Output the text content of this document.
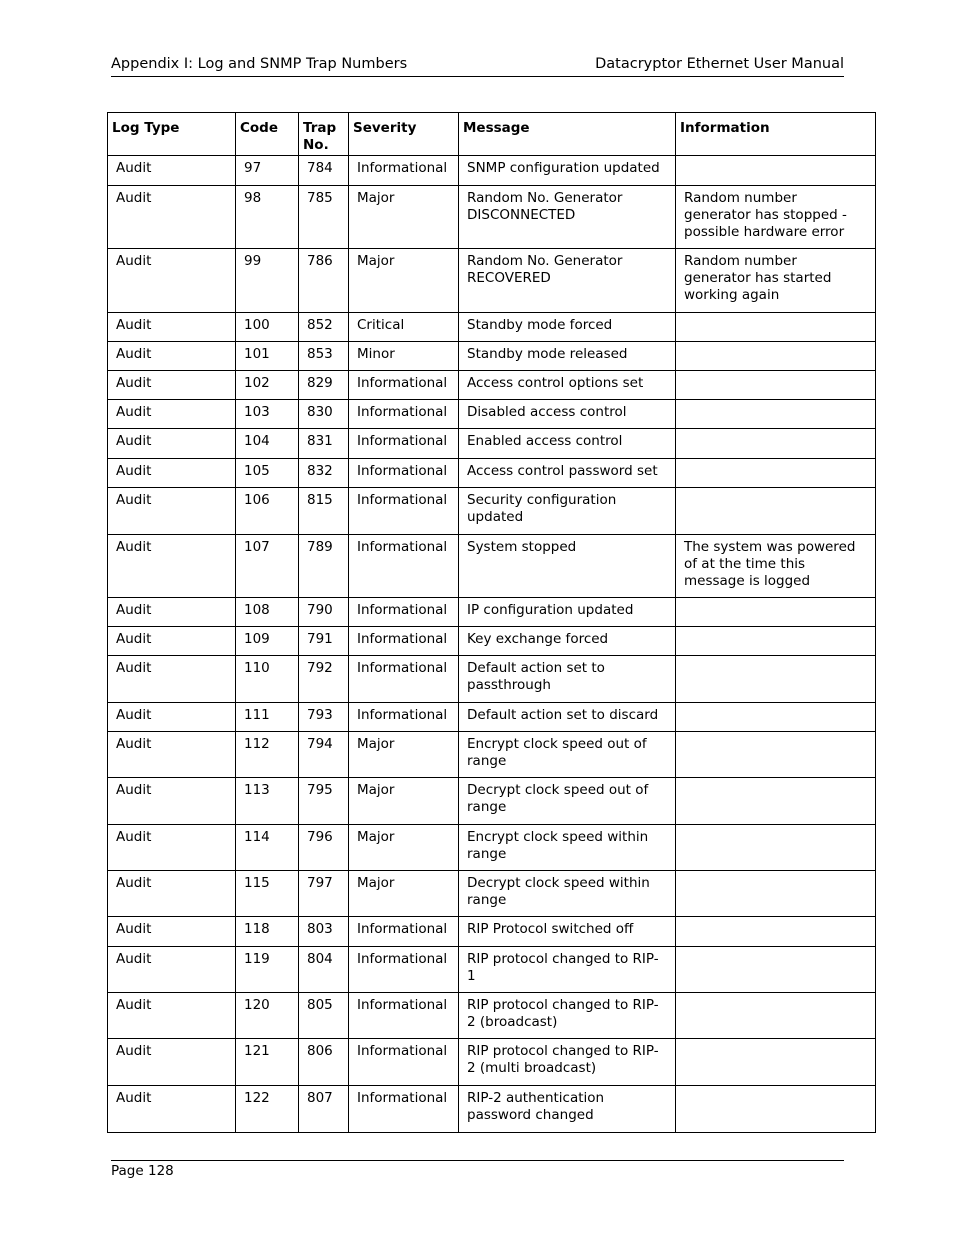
Appendix I: Log and SNMP Trap Numbers	Datacryptor Ethernet User Manual
Log Type	Code	Trap No.	Severity	Message	Information
Audit	97	784	Informational	SNMP configuration updated	
Audit	98	785	Major	Random No. Generator DISCONNECTED	Random number generator has stopped - possible hardware error
Audit	99	786	Major	Random No. Generator RECOVERED	Random number generator has started working again
Audit	100	852	Critical	Standby mode forced	
Audit	101	853	Minor	Standby mode released	
Audit	102	829	Informational	Access control options set	
Audit	103	830	Informational	Disabled access control	
Audit	104	831	Informational	Enabled access control	
Audit	105	832	Informational	Access control password set	
Audit	106	815	Informational	Security configuration updated	
Audit	107	789	Informational	System stopped	The system was powered of at the time this message is logged
Audit	108	790	Informational	IP configuration updated	
Audit	109	791	Informational	Key exchange forced	
Audit	110	792	Informational	Default action set to passthrough	
Audit	111	793	Informational	Default action set to discard	
Audit	112	794	Major	Encrypt clock speed out of range	
Audit	113	795	Major	Decrypt clock speed out of range	
Audit	114	796	Major	Encrypt clock speed within range	
Audit	115	797	Major	Decrypt clock speed within range	
Audit	118	803	Informational	RIP Protocol switched off	
Audit	119	804	Informational	RIP protocol changed to RIP-1	
Audit	120	805	Informational	RIP protocol changed to RIP-2 (broadcast)	
Audit	121	806	Informational	RIP protocol changed to RIP-2 (multi broadcast)	
Audit	122	807	Informational	RIP-2 authentication password changed	
Page 128
